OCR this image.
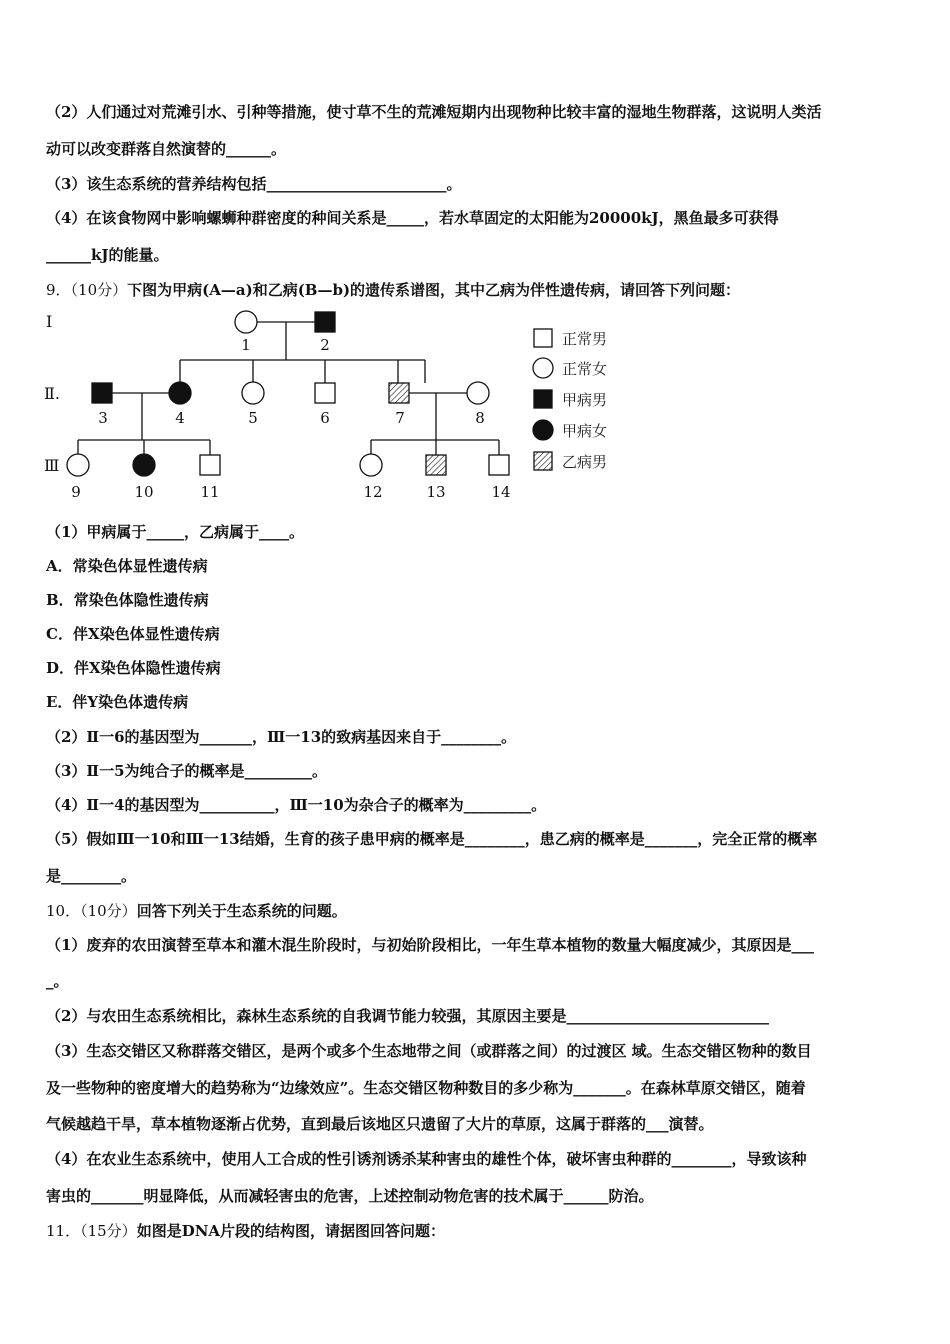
（2）人们通过对荒滩引水、引种等措施，使寸草不生的荒滩短期内出现物种比较丰富的湿地生物群落，这说明人类活
动可以改变群落自然演替的______。
（3）该生态系统的营养结构包括________________________。
（4）在该食物网中影响螺蛳种群密度的种间关系是_____，若水草固定的太阳能为20000kJ，黑鱼最多可获得
______kJ的能量。
9．（10分）下图为甲病(A—a)和乙病(B—b)的遗传系谱图，其中乙病为伴性遗传病，请回答下列问题：
Ⅰ
Ⅱ.
Ⅲ
1	2
3	4	5	6	7	8
9	10	11	12	13	14
正常男
正常女
甲病男
甲病女
乙病男
（1）甲病属于_____，乙病属于____。
A．常染色体显性遗传病
B．常染色体隐性遗传病
C．伴X染色体显性遗传病
D．伴X染色体隐性遗传病
E．伴Y染色体遗传病
（2）Ⅱ一6的基因型为_______，Ⅲ一13的致病基因来自于________。
（3）Ⅱ一5为纯合子的概率是_________。
（4）Ⅱ一4的基因型为__________，Ⅲ一10为杂合子的概率为_________。
（5）假如Ⅲ一10和Ⅲ一13结婚，生育的孩子患甲病的概率是________，患乙病的概率是_______，完全正常的概率
是________。
10．（10分）回答下列关于生态系统的问题。
（1）废弃的农田演替至草本和灌木混生阶段时，与初始阶段相比，一年生草本植物的数量大幅度减少，其原因是___
_。
（2）与农田生态系统相比，森林生态系统的自我调节能力较强，其原因主要是___________________________
（3）生态交错区又称群落交错区，是两个或多个生态地带之间（或群落之间）的过渡区 域。生态交错区物种的数目
及一些物种的密度增大的趋势称为“边缘效应”。生态交错区物种数目的多少称为_______。在森林草原交错区，随着
气候越趋干旱，草本植物逐渐占优势，直到最后该地区只遗留了大片的草原，这属于群落的___演替。
（4）在农业生态系统中，使用人工合成的性引诱剂诱杀某种害虫的雄性个体，破坏害虫种群的________，导致该种
害虫的_______明显降低，从而减轻害虫的危害，上述控制动物危害的技术属于______防治。
11．（15分）如图是DNA片段的结构图，请据图回答问题：
